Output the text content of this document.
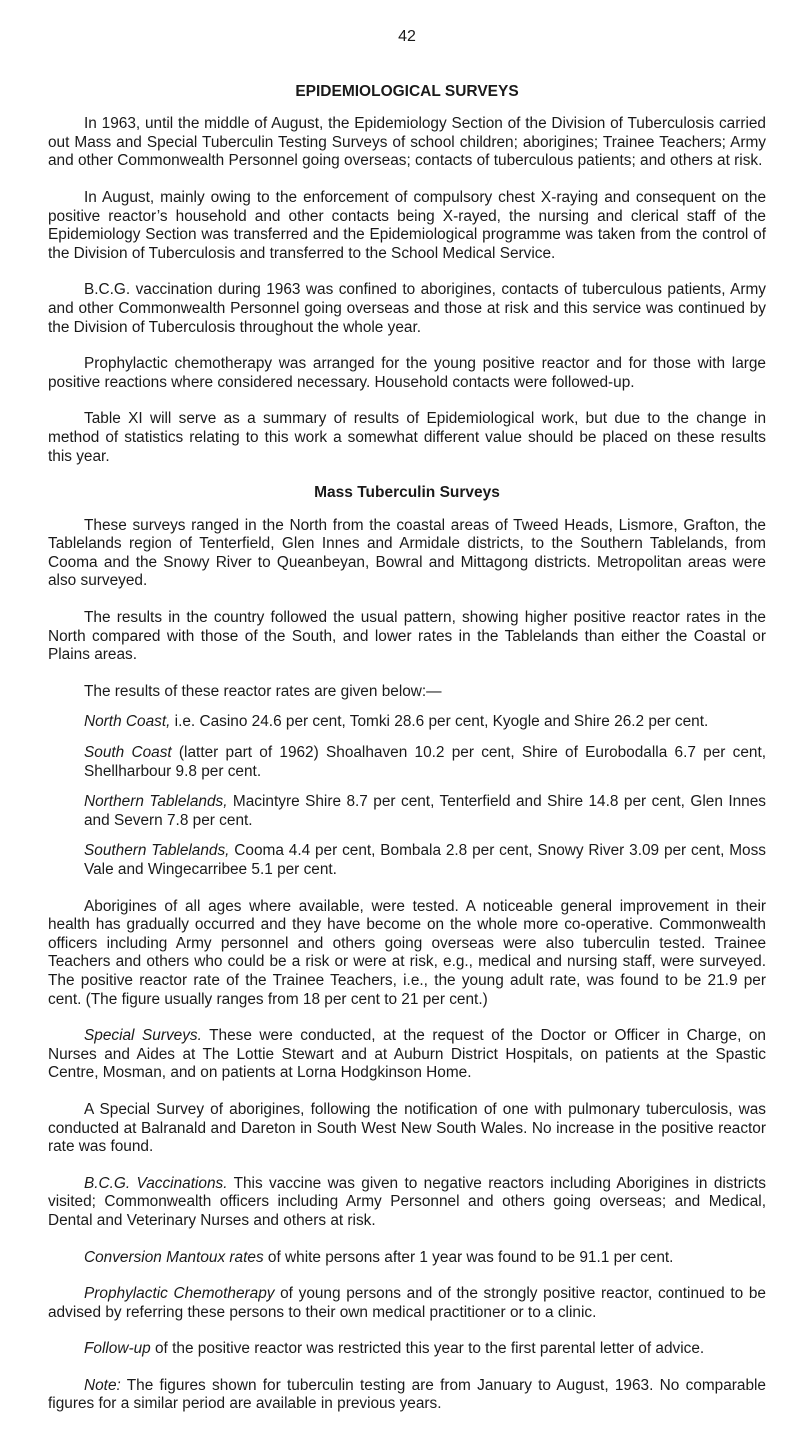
42
EPIDEMIOLOGICAL SURVEYS

In 1963, until the middle of August, the Epidemiology Section of the Division of Tuberculosis carried out Mass and Special Tuberculin Testing Surveys of school children; aborigines; Trainee Teachers; Army and other Commonwealth Personnel going overseas; contacts of tuberculous patients; and others at risk.

In August, mainly owing to the enforcement of compulsory chest X-raying and consequent on the positive reactor’s household and other contacts being X-rayed, the nursing and clerical staff of the Epidemiology Section was transferred and the Epidemiological programme was taken from the control of the Division of Tuberculosis and transferred to the School Medical Service.

B.C.G. vaccination during 1963 was confined to aborigines, contacts of tuberculous patients, Army and other Commonwealth Personnel going overseas and those at risk and this service was continued by the Division of Tuberculosis throughout the whole year.

Prophylactic chemotherapy was arranged for the young positive reactor and for those with large positive reactions where considered necessary. Household contacts were followed-up.

Table XI will serve as a summary of results of Epidemiological work, but due to the change in method of statistics relating to this work a somewhat different value should be placed on these results this year.

Mass Tuberculin Surveys

These surveys ranged in the North from the coastal areas of Tweed Heads, Lismore, Grafton, the Tablelands region of Tenterfield, Glen Innes and Armidale districts, to the Southern Tablelands, from Cooma and the Snowy River to Queanbeyan, Bowral and Mittagong districts. Metropolitan areas were also surveyed.

The results in the country followed the usual pattern, showing higher positive reactor rates in the North compared with those of the South, and lower rates in the Tablelands than either the Coastal or Plains areas.

The results of these reactor rates are given below:—

North Coast, i.e. Casino 24.6 per cent, Tomki 28.6 per cent, Kyogle and Shire 26.2 per cent.

South Coast (latter part of 1962) Shoalhaven 10.2 per cent, Shire of Eurobodalla 6.7 per cent, Shellharbour 9.8 per cent.

Northern Tablelands, Macintyre Shire 8.7 per cent, Tenterfield and Shire 14.8 per cent, Glen Innes and Severn 7.8 per cent.

Southern Tablelands, Cooma 4.4 per cent, Bombala 2.8 per cent, Snowy River 3.09 per cent, Moss Vale and Wingecarribee 5.1 per cent.

Aborigines of all ages where available, were tested. A noticeable general improvement in their health has gradually occurred and they have become on the whole more co-operative. Commonwealth officers including Army personnel and others going overseas were also tuberculin tested. Trainee Teachers and others who could be a risk or were at risk, e.g., medical and nursing staff, were surveyed. The positive reactor rate of the Trainee Teachers, i.e., the young adult rate, was found to be 21.9 per cent. (The figure usually ranges from 18 per cent to 21 per cent.)

Special Surveys. These were conducted, at the request of the Doctor or Officer in Charge, on Nurses and Aides at The Lottie Stewart and at Auburn District Hospitals, on patients at the Spastic Centre, Mosman, and on patients at Lorna Hodgkinson Home.

A Special Survey of aborigines, following the notification of one with pulmonary tuberculosis, was conducted at Balranald and Dareton in South West New South Wales. No increase in the positive reactor rate was found.

B.C.G. Vaccinations. This vaccine was given to negative reactors including Aborigines in districts visited; Commonwealth officers including Army Personnel and others going overseas; and Medical, Dental and Veterinary Nurses and others at risk.

Conversion Mantoux rates of white persons after 1 year was found to be 91.1 per cent.

Prophylactic Chemotherapy of young persons and of the strongly positive reactor, continued to be advised by referring these persons to their own medical practitioner or to a clinic.

Follow-up of the positive reactor was restricted this year to the first parental letter of advice.

Note: The figures shown for tuberculin testing are from January to August, 1963. No comparable figures for a similar period are available in previous years.
